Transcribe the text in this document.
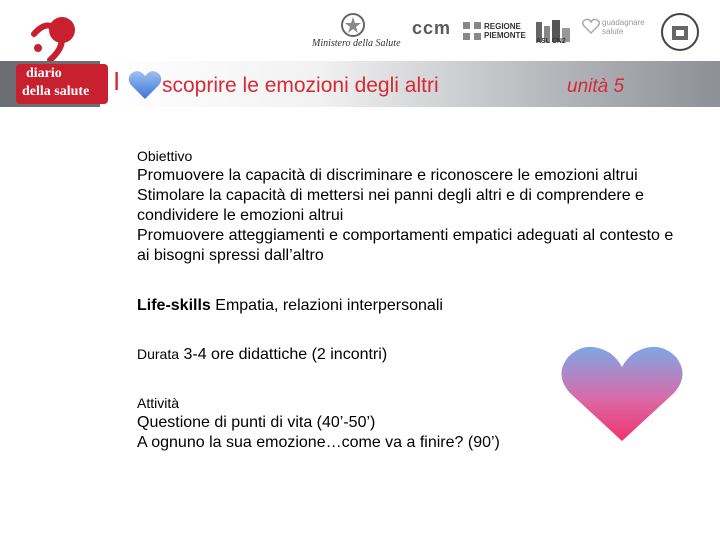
Ministero della Salute
ccm	REGIONE
PIEMONTE
ASL CN2
guadagnare
salute
diario
della salute I scoprire le emozioni degli altri	unità 5
Obiettivo
Promuovere la capacità di discriminare e riconoscere le emozioni altrui
Stimolare la capacità di mettersi nei panni degli altri e di comprendere e condividere le emozioni altrui
Promuovere atteggiamenti e comportamenti empatici adeguati al contesto e ai bisogni spressi dall’altro
Life-skills Empatia, relazioni interpersonali
Durata 3-4 ore didattiche (2 incontri)
Attività
Questione di punti di vita (40’-50’)
A ognuno la sua emozione…come va a finire? (90’)
